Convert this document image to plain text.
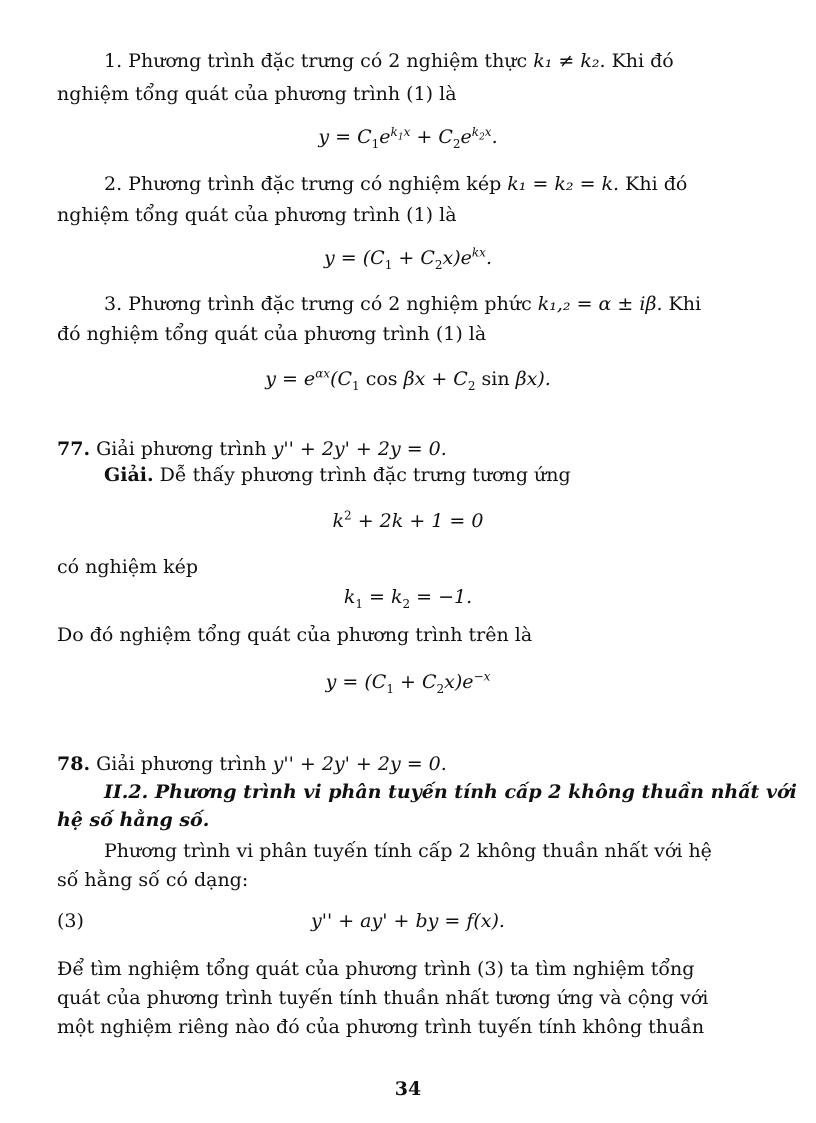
1. Phương trình đặc trưng có 2 nghiệm thực k₁ ≠ k₂. Khi đó
nghiệm tổng quát của phương trình (1) là
$y = C_1e^{k_1x} + C_2e^{k_2x}$.
2. Phương trình đặc trưng có nghiệm kép k₁ = k₂ = k. Khi đó
nghiệm tổng quát của phương trình (1) là
$y = (C_1 + C_2x)e^{kx}$.
3. Phương trình đặc trưng có 2 nghiệm phức k₁,₂ = α ± iβ. Khi
đó nghiệm tổng quát của phương trình (1) là
$y = e^{\alpha x}(C_1$ $\cos \beta x + C_2$ sin βx).
77. Giải phương trình y'' + 2y' + 2y = 0.
Giải. Dễ thấy phương trình đặc trưng tương ứng
$k^2 + 2k + 1 = 0$
có nghiệm kép
$k_1 = k_2 = -1$.
Do đó nghiệm tổng quát của phương trình trên là
$y = (C_1 + C_2x)e^{-x}$
78. Giải phương trình y'' + 2y' + 2y = 0.
II.2. Phương trình vi phân tuyến tính cấp 2 không thuần nhất với
hệ số hằng số.
Phương trình vi phân tuyến tính cấp 2 không thuần nhất với hệ
số hằng số có dạng:
(3)	y'' + ay' + by = f(x).
Để tìm nghiệm tổng quát của phương trình (3) ta tìm nghiệm tổng
quát của phương trình tuyến tính thuần nhất tương ứng và cộng với
một nghiệm riêng nào đó của phương trình tuyến tính không thuần
34
